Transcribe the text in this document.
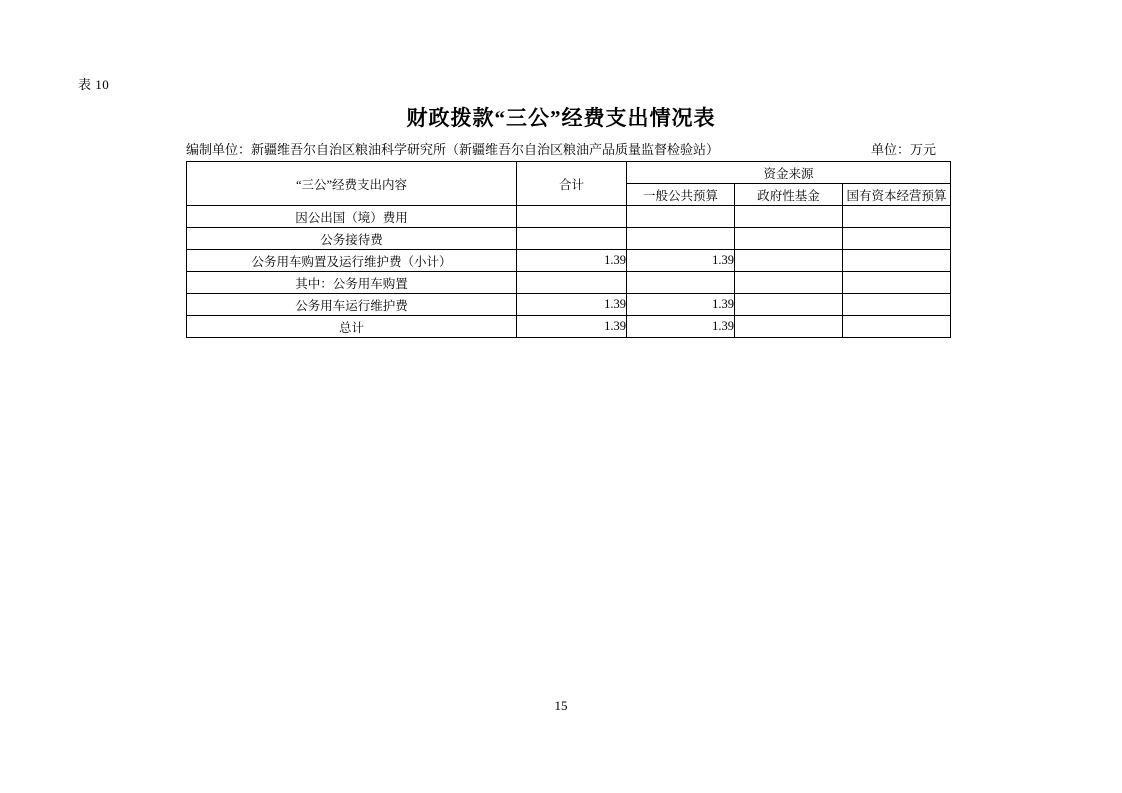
表 10
财政拨款“三公”经费支出情况表
编制单位：新疆维吾尔自治区粮油科学研究所（新疆维吾尔自治区粮油产品质量监督检验站）	单位：万元
“三公”经费支出内容	合计	资金来源		
		一般公共预算	政府性基金	国有资本经营预算
因公出国（境）费用				
公务接待费				
公务用车购置及运行维护费（小计）	1.39	1.39		
其中：公务用车购置				
公务用车运行维护费	1.39	1.39		
总计	1.39	1.39		
15
